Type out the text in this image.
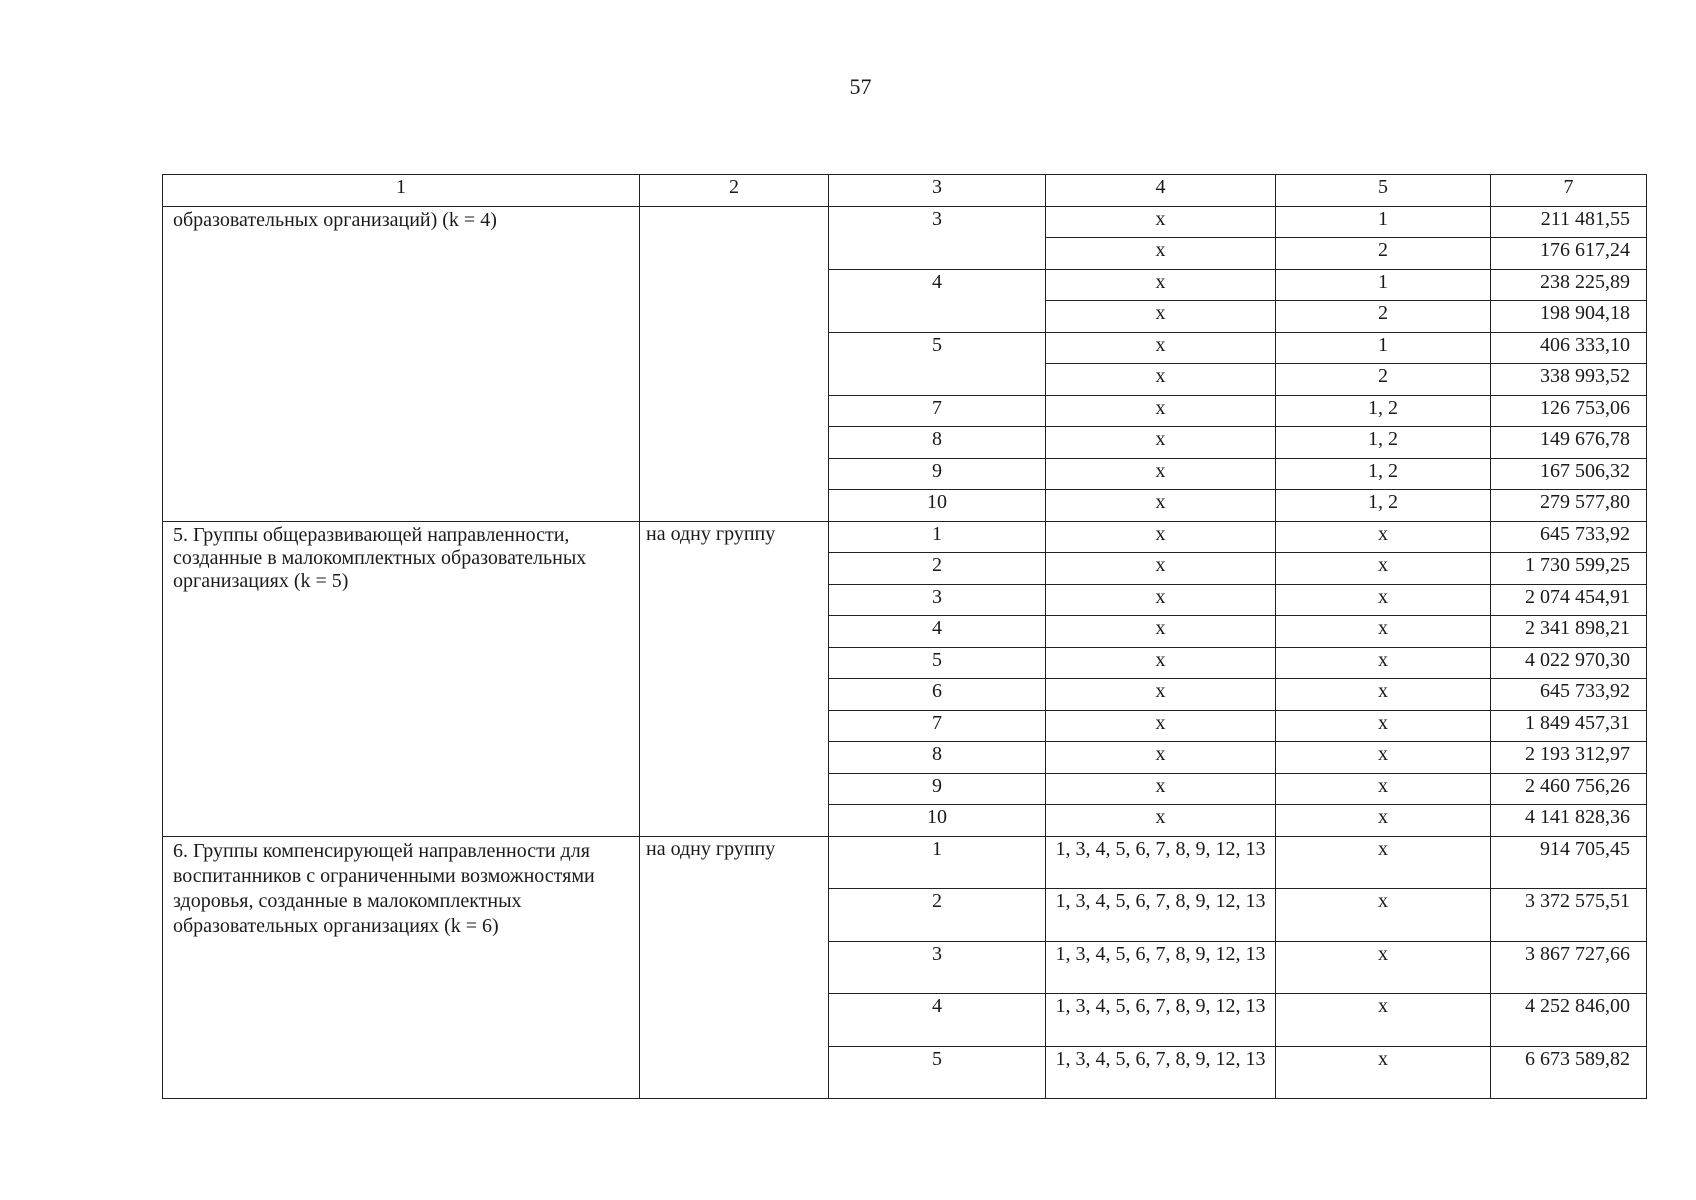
57
1	2	3	4	5	7
образовательных организаций) (k = 4)		3	x	1	211 481,55
			x	2	176 617,24
		4	x	1	238 225,89
			x	2	198 904,18
		5	x	1	406 333,10
			x	2	338 993,52
		7	x	1, 2	126 753,06
		8	x	1, 2	149 676,78
		9	x	1, 2	167 506,32
		10	x	1, 2	279 577,80
5. Группы общеразвивающей направленности, созданные в малокомплектных образовательных организациях (k = 5)	на одну группу	1	x	x	645 733,92
		2	x	x	1 730 599,25
		3	x	x	2 074 454,91
		4	x	x	2 341 898,21
		5	x	x	4 022 970,30
		6	x	x	645 733,92
		7	x	x	1 849 457,31
		8	x	x	2 193 312,97
		9	x	x	2 460 756,26
		10	x	x	4 141 828,36
6. Группы компенсирующей направленности для воспитанников с ограниченными возможностями здоровья, созданные в малокомплектных образовательных организациях (k = 6)	на одну группу	1	1, 3, 4, 5, 6, 7, 8, 9, 12, 13	x	914 705,45
		2	1, 3, 4, 5, 6, 7, 8, 9, 12, 13	x	3 372 575,51
		3	1, 3, 4, 5, 6, 7, 8, 9, 12, 13	x	3 867 727,66
		4	1, 3, 4, 5, 6, 7, 8, 9, 12, 13	x	4 252 846,00
		5	1, 3, 4, 5, 6, 7, 8, 9, 12, 13	x	6 673 589,82
